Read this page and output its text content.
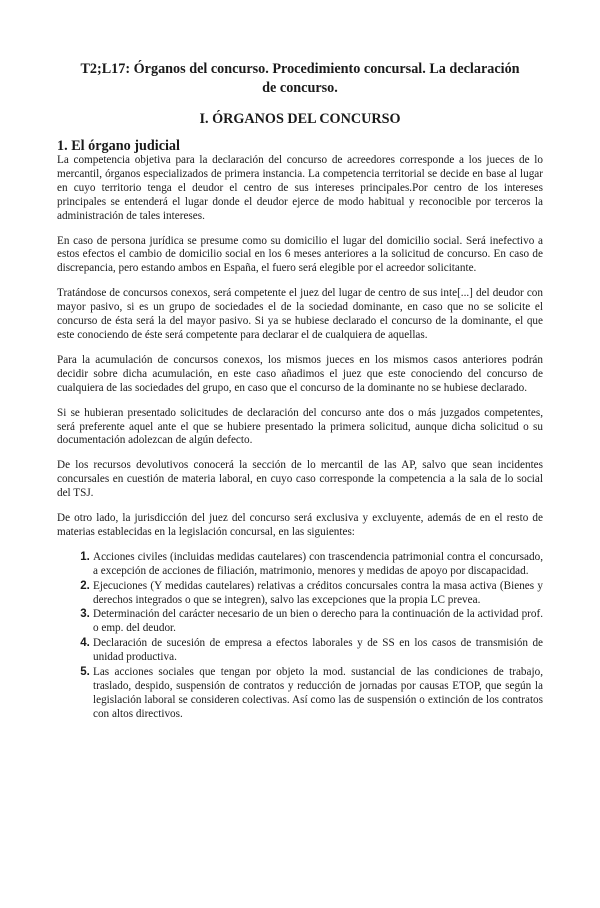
T2;L17: Órganos del concurso. Procedimiento concursal. La declaración de concurso.
I. ÓRGANOS DEL CONCURSO
1. El órgano judicial

La competencia objetiva para la declaración del concurso de acreedores corresponde a los jueces de lo mercantil, órganos especializados de primera instancia. La competencia territorial se decide en base al lugar en cuyo territorio tenga el deudor el centro de sus intereses principales.Por centro de los intereses principales se entenderá el lugar donde el deudor ejerce de modo habitual y reconocible por terceros la administración de tales intereses.

En caso de persona jurídica se presume como su domicilio el lugar del domicilio social. Será inefectivo a estos efectos el cambio de domicilio social en los 6 meses anteriores a la solicitud de concurso. En caso de discrepancia, pero estando ambos en España, el fuero será elegible por el acreedor solicitante.

Tratándose de concursos conexos, será competente el juez del lugar de centro de sus inte[...] del deudor con mayor pasivo, si es un grupo de sociedades el de la sociedad dominante, en caso que no se solicite el concurso de ésta será la del mayor pasivo. Si ya se hubiese declarado el concurso de la dominante, el que este conociendo de éste será competente para declarar el de cualquiera de aquellas.

Para la acumulación de concursos conexos, los mismos jueces en los mismos casos anteriores podrán decidir sobre dicha acumulación, en este caso añadimos el juez que este conociendo del concurso de cualquiera de las sociedades del grupo, en caso que el concurso de la dominante no se hubiese declarado.

Si se hubieran presentado solicitudes de declaración del concurso ante dos o más juzgados competentes, será preferente aquel ante el que se hubiere presentado la primera solicitud, aunque dicha solicitud o su documentación adolezcan de algún defecto.

De los recursos devolutivos conocerá la sección de lo mercantil de las AP, salvo que sean incidentes concursales en cuestión de materia laboral, en cuyo caso corresponde la competencia a la sala de lo social del TSJ.

De otro lado, la jurisdicción del juez del concurso será exclusiva y excluyente, además de en el resto de materias establecidas en la legislación concursal, en las siguientes:

1. Acciones civiles (incluidas medidas cautelares) con trascendencia patrimonial contra el concursado, a excepción de acciones de filiación, matrimonio, menores y medidas de apoyo por discapacidad.
2. Ejecuciones (Y medidas cautelares) relativas a créditos concursales contra la masa activa (Bienes y derechos integrados o que se integren), salvo las excepciones que la propia LC prevea.
3. Determinación del carácter necesario de un bien o derecho para la continuación de la actividad prof. o emp. del deudor.
4. Declaración de sucesión de empresa a efectos laborales y de SS en los casos de transmisión de unidad productiva.
5. Las acciones sociales que tengan por objeto la mod. sustancial de las condiciones de trabajo, traslado, despido, suspensión de contratos y reducción de jornadas por causas ETOP, que según la legislación laboral se consideren colectivas. Así como las de suspensión o extinción de los contratos con altos directivos.
